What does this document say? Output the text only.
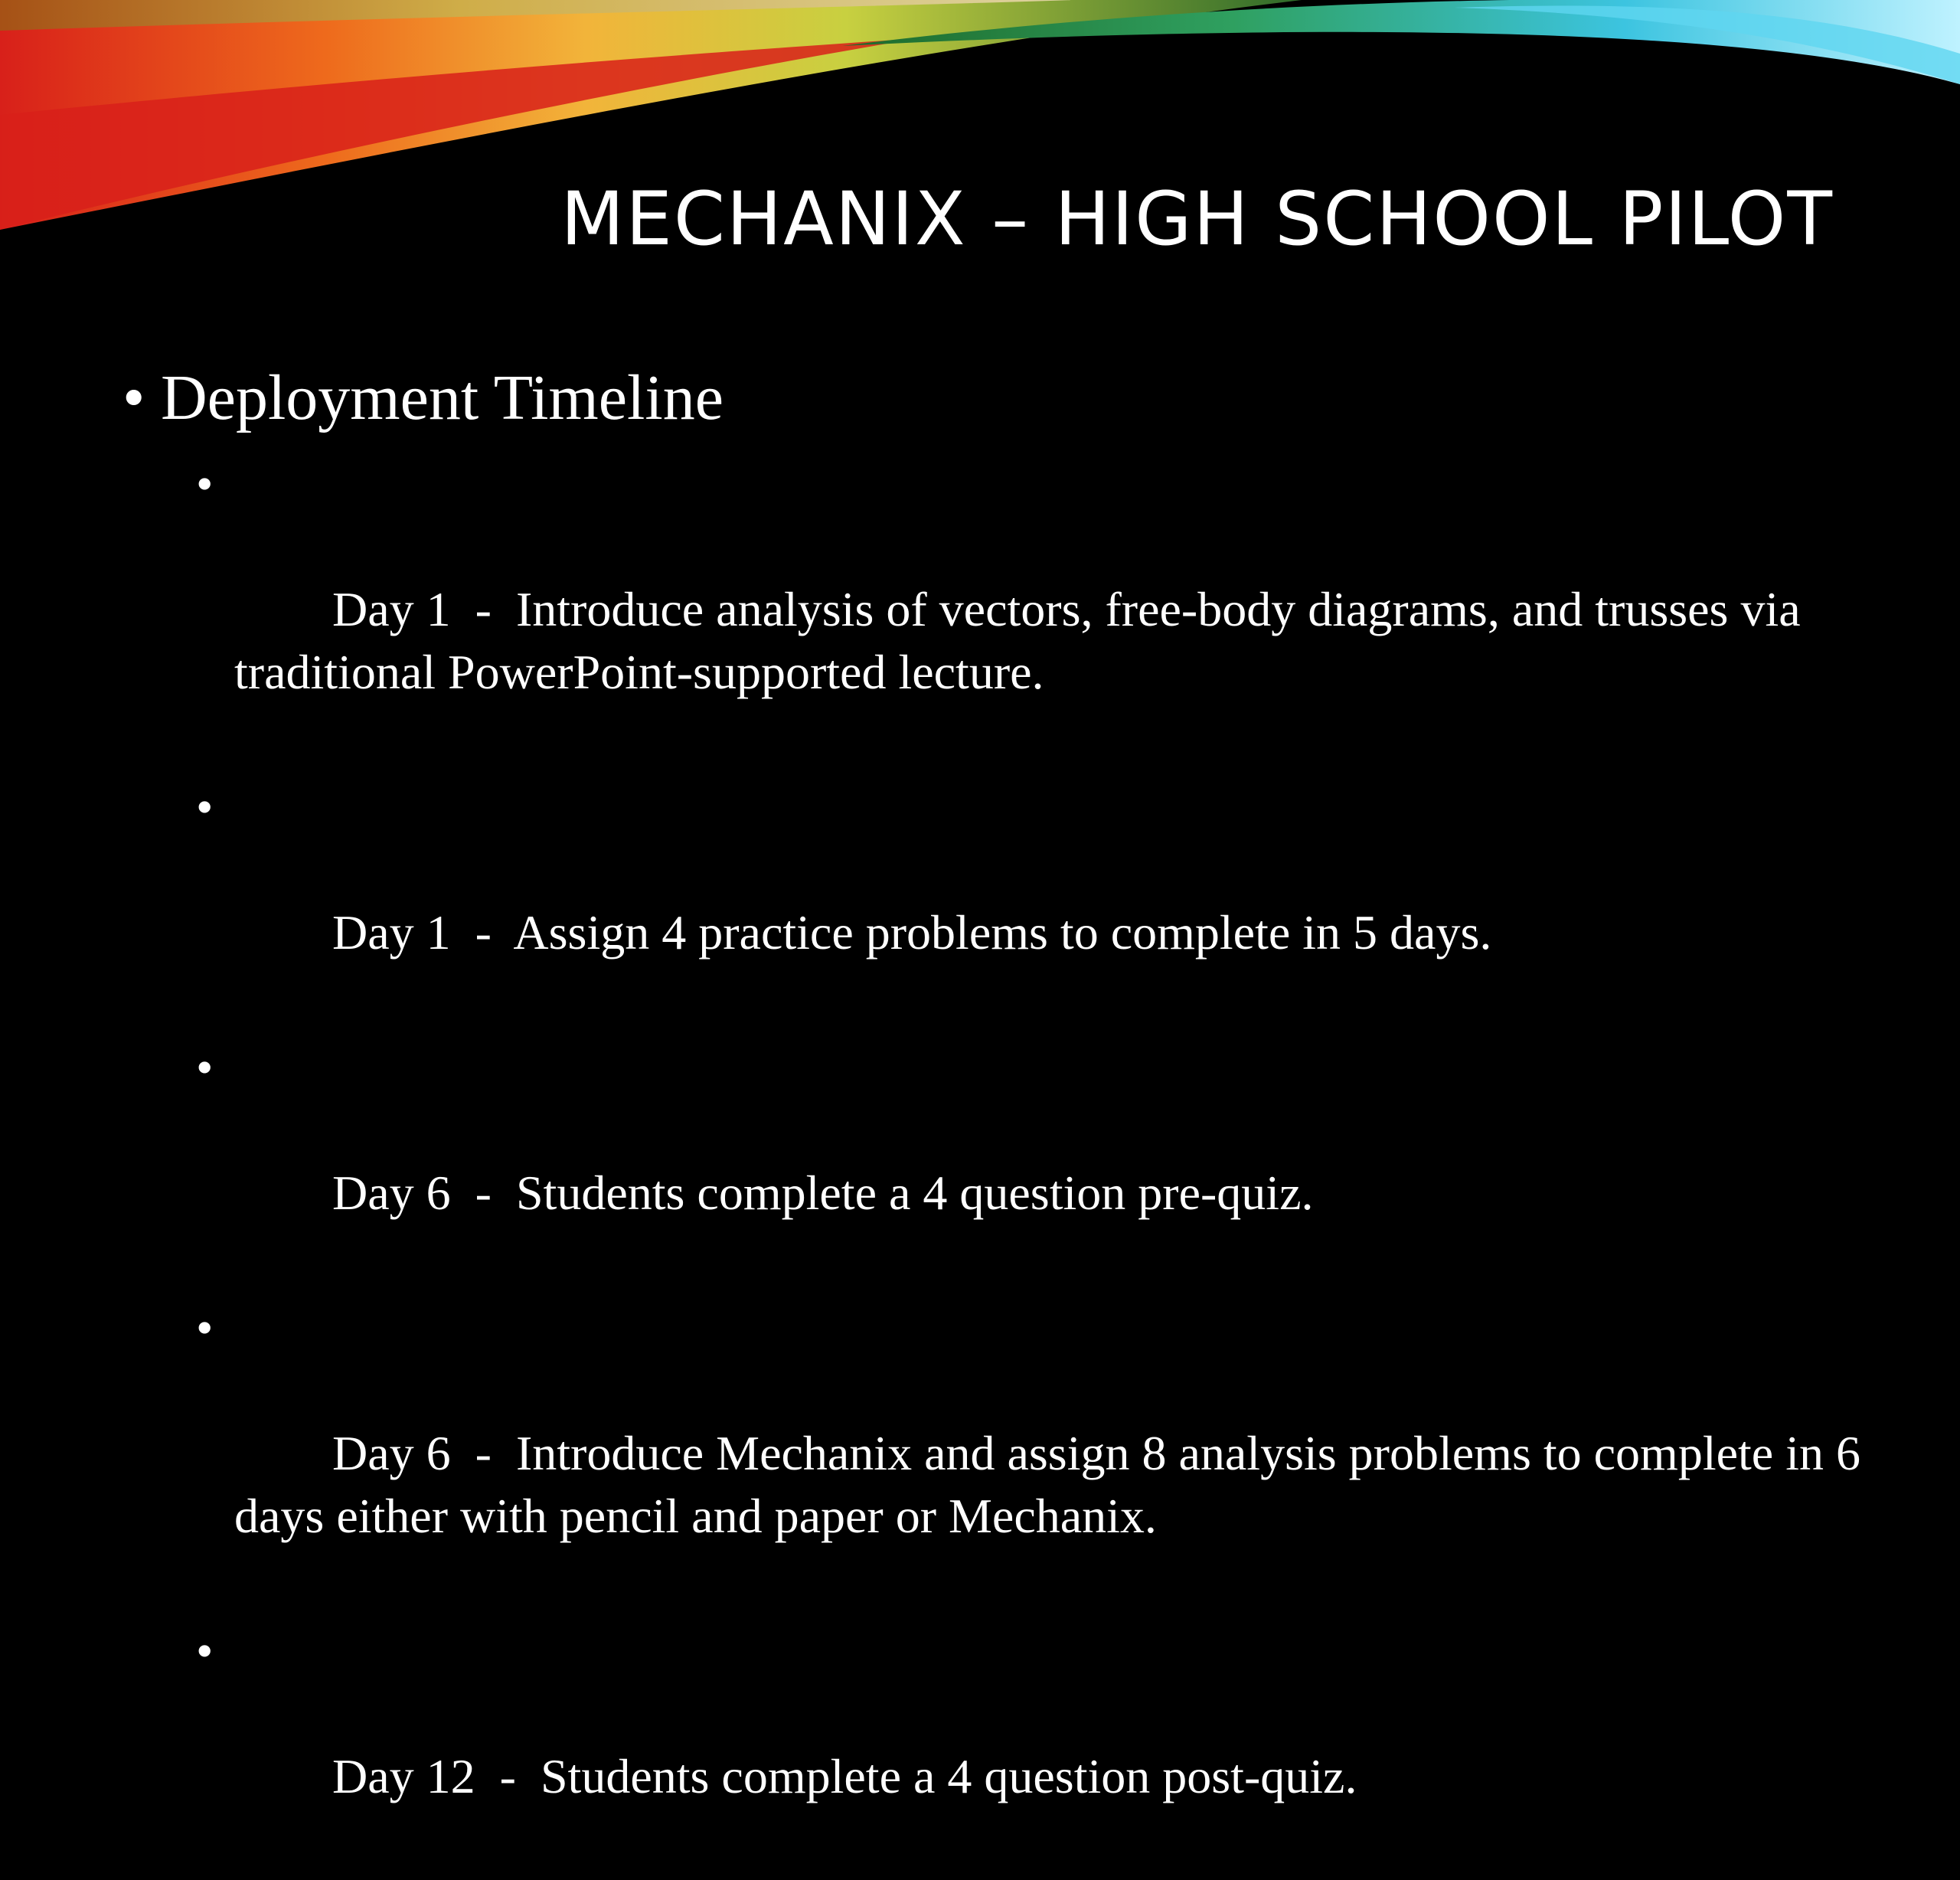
MECHANIX – HIGH SCHOOL PILOT
• Deployment Timeline

•

Day 1  -  Introduce analysis of vectors, free-body diagrams, and trusses via traditional PowerPoint-supported lecture.

•

Day 1  -  Assign 4 practice problems to complete in 5 days.

•

Day 6  -  Students complete a 4 question pre-quiz.

•

Day 6  -  Introduce Mechanix and assign 8 analysis problems to complete in 6 days either with pencil and paper or Mechanix.

•

Day 12  -  Students complete a 4 question post-quiz.
